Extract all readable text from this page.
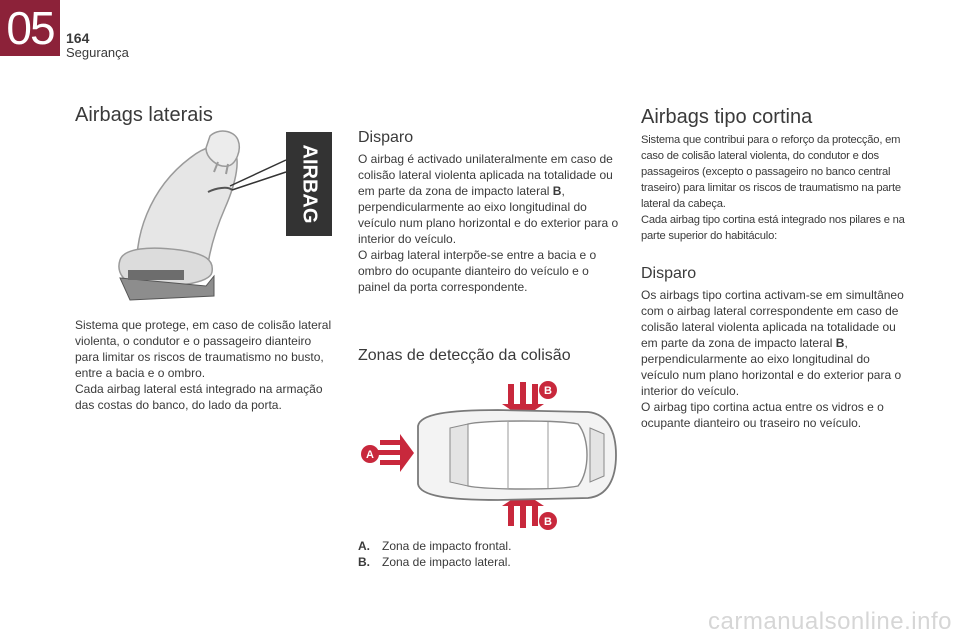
05 164
Segurança
Airbags laterais
AIRBAG

Sistema que protege, em caso de colisão lateral violenta, o condutor e o passageiro dianteiro para limitar os riscos de traumatismo no busto, entre a bacia e o ombro.

Cada airbag lateral está integrado na armação das costas do banco, do lado da porta.

Disparo

O airbag é activado unilateralmente em caso de colisão lateral violenta aplicada na totalidade ou em parte da zona de impacto lateral B, perpendicularmente ao eixo longitudinal do veículo num plano horizontal e do exterior para o interior do veículo.

O airbag lateral interpõe-se entre a bacia e o ombro do ocupante dianteiro do veículo e o painel da porta correspondente.

Zonas de detecção da colisão
B
B
A
A.	Zona de impacto frontal.
B.	Zona de impacto lateral.
Airbags tipo cortina

Sistema que contribui para o reforço da protecção, em caso de colisão lateral violenta, do condutor e dos passageiros (excepto o passageiro no banco central traseiro) para limitar os riscos de traumatismo na parte lateral da cabeça.

Cada airbag tipo cortina está integrado nos pilares e na parte superior do habitáculo:

Disparo

Os airbags tipo cortina activam-se em simultâneo com o airbag lateral correspondente em caso de colisão lateral violenta aplicada na totalidade ou em parte da zona de impacto lateral B, perpendicularmente ao eixo longitudinal do veículo num plano horizontal e do exterior para o interior do veículo.

O airbag tipo cortina actua entre os vidros e o ocupante dianteiro ou traseiro no veículo.

carmanualsonline.info
